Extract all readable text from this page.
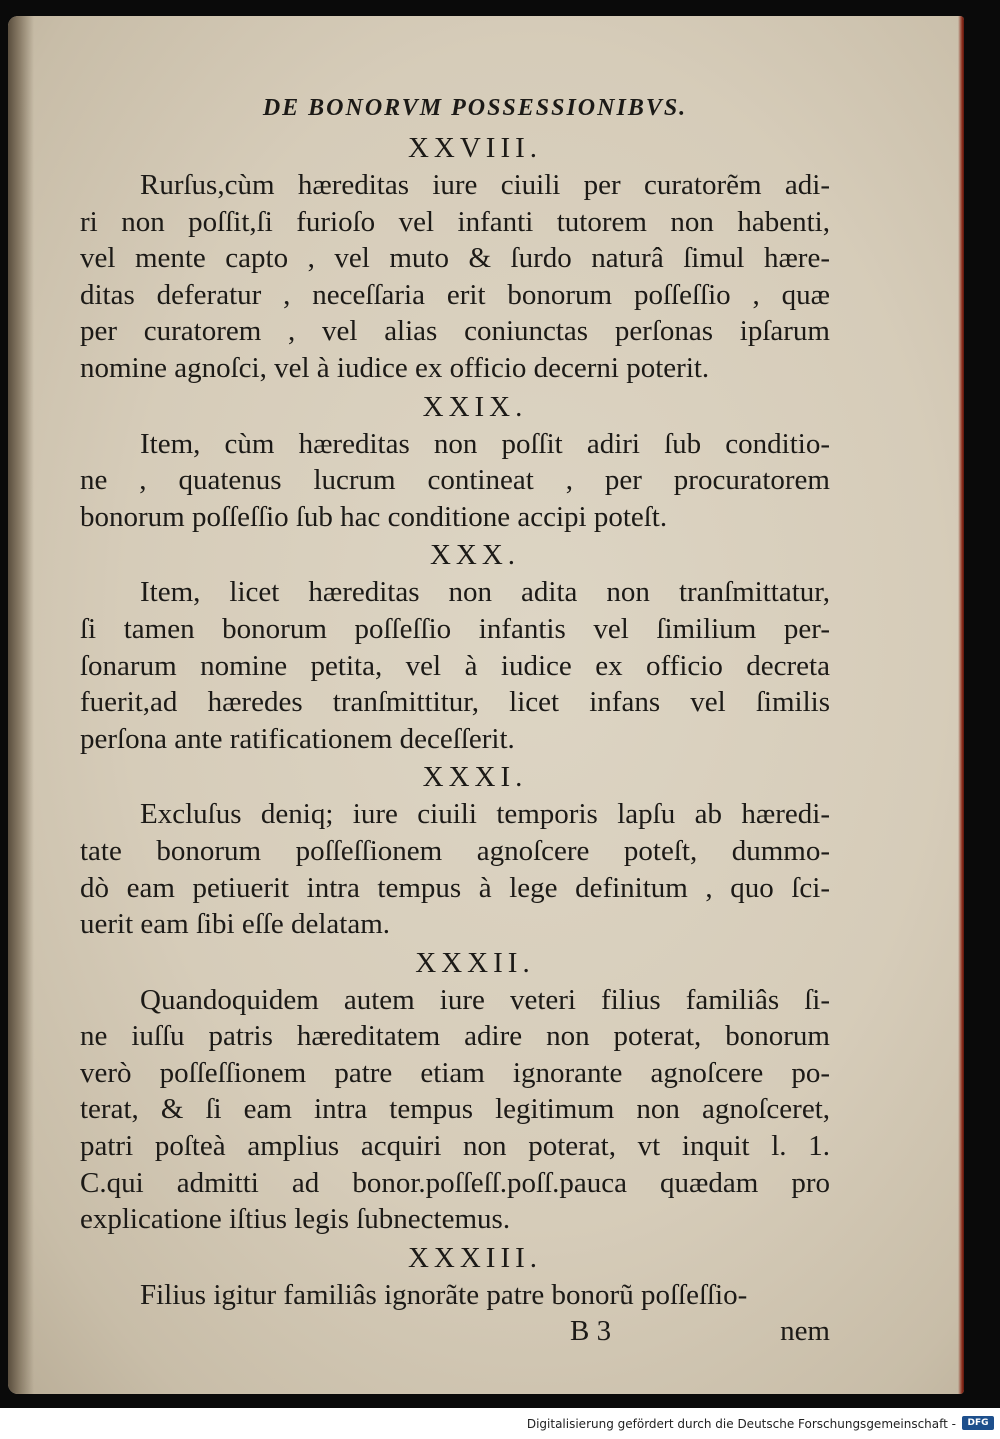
DE BONORVM POSSESSIONIBVS.
XXVIII.
Rurſus,cùm hæreditas iure ciuili per curatorẽm adi-
ri non poſſit,ſi furioſo vel infanti tutorem non habenti,
vel mente capto , vel muto & ſurdo naturâ ſimul hære-
ditas deferatur , neceſſaria erit bonorum poſſeſſio , quæ
per curatorem , vel alias coniunctas perſonas ipſarum
nomine agnoſci, vel à iudice ex officio decerni poterit.
XXIX.
Item, cùm hæreditas non poſſit adiri ſub conditio-
ne , quatenus lucrum contineat , per procuratorem
bonorum poſſeſſio ſub hac conditione accipi poteſt.
XXX.
Item, licet hæreditas non adita non tranſmittatur,
ſi tamen bonorum poſſeſſio infantis vel ſimilium per-
ſonarum nomine petita, vel à iudice ex officio decreta
fuerit,ad hæredes tranſmittitur, licet infans vel ſimilis
perſona ante ratificationem deceſſerit.
XXXI.
Excluſus deniq; iure ciuili temporis lapſu ab hæredi-
tate bonorum poſſeſſionem agnoſcere poteſt, dummo-
dò eam petiuerit intra tempus à lege definitum , quo ſci-
uerit eam ſibi eſſe delatam.
XXXII.
Quandoquidem autem iure veteri filius familiâs ſi-
ne iuſſu patris hæreditatem adire non poterat, bonorum
verò poſſeſſionem patre etiam ignorante agnoſcere po-
terat, & ſi eam intra tempus legitimum non agnoſceret,
patri poſteà amplius acquiri non poterat, vt inquit l. 1.
C.qui admitti ad bonor.poſſeſſ.poſſ.pauca quædam pro
explicatione iſtius legis ſubnectemus.
XXXIII.
Filius igitur familiâs ignorãte patre bonorũ poſſeſſio-
B 3	nem
Digitalisierung gefördert durch die Deutsche Forschungsgemeinschaft -	DFG
